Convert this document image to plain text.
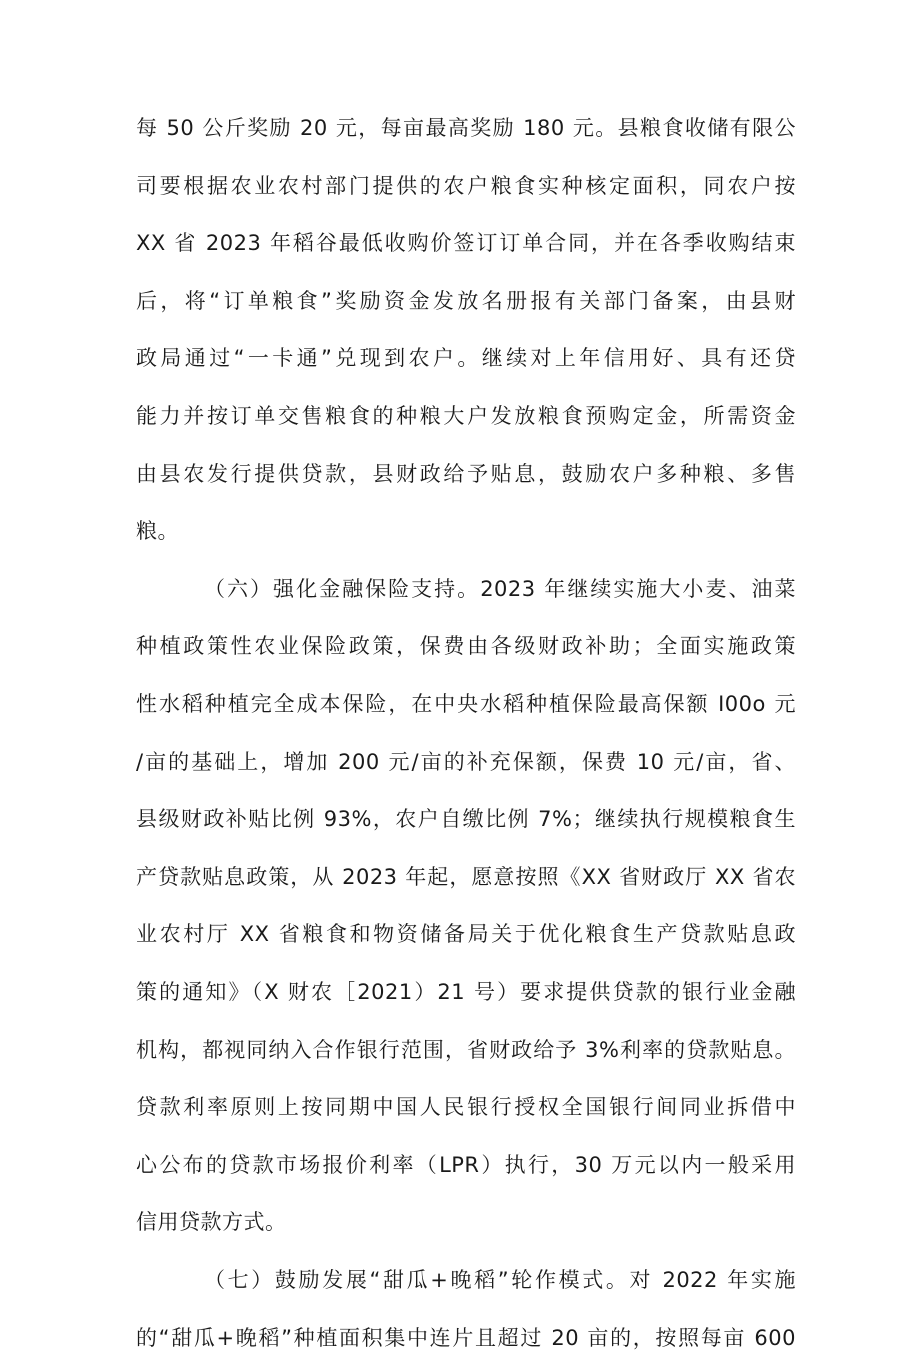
每 50 公斤奖励 20 元，每亩最高奖励 180 元。县粮食收储有限公
司要根据农业农村部门提供的农户粮食实种核定面积，同农户按
XX 省 2023 年稻谷最低收购价签订订单合同，并在各季收购结束
后，将“订单粮食”奖励资金发放名册报有关部门备案，由县财
政局通过“一卡通”兑现到农户。继续对上年信用好、具有还贷
能力并按订单交售粮食的种粮大户发放粮食预购定金，所需资金
由县农发行提供贷款，县财政给予贴息，鼓励农户多种粮、多售
粮。
（六）强化金融保险支持。2023 年继续实施大小麦、油菜
种植政策性农业保险政策，保费由各级财政补助；全面实施政策
性水稻种植完全成本保险，在中央水稻种植保险最高保额 I00o 元
/亩的基础上，增加 200 元/亩的补充保额，保费 10 元/亩，省、
县级财政补贴比例 93%，农户自缴比例 7%；继续执行规模粮食生
产贷款贴息政策，从 2023 年起，愿意按照《XX 省财政厅 XX 省农
业农村厅 XX 省粮食和物资储备局关于优化粮食生产贷款贴息政
策的通知》（X 财农［2021）21 号）要求提供贷款的银行业金融
机构，都视同纳入合作银行范围，省财政给予 3%利率的贷款贴息。
贷款利率原则上按同期中国人民银行授权全国银行间同业拆借中
心公布的贷款市场报价利率（LPR）执行，30 万元以内一般采用
信用贷款方式。
（七）鼓励发展“甜瓜+晚稻”轮作模式。对 2022 年实施
的“甜瓜+晚稻”种植面积集中连片且超过 20 亩的，按照每亩 600
